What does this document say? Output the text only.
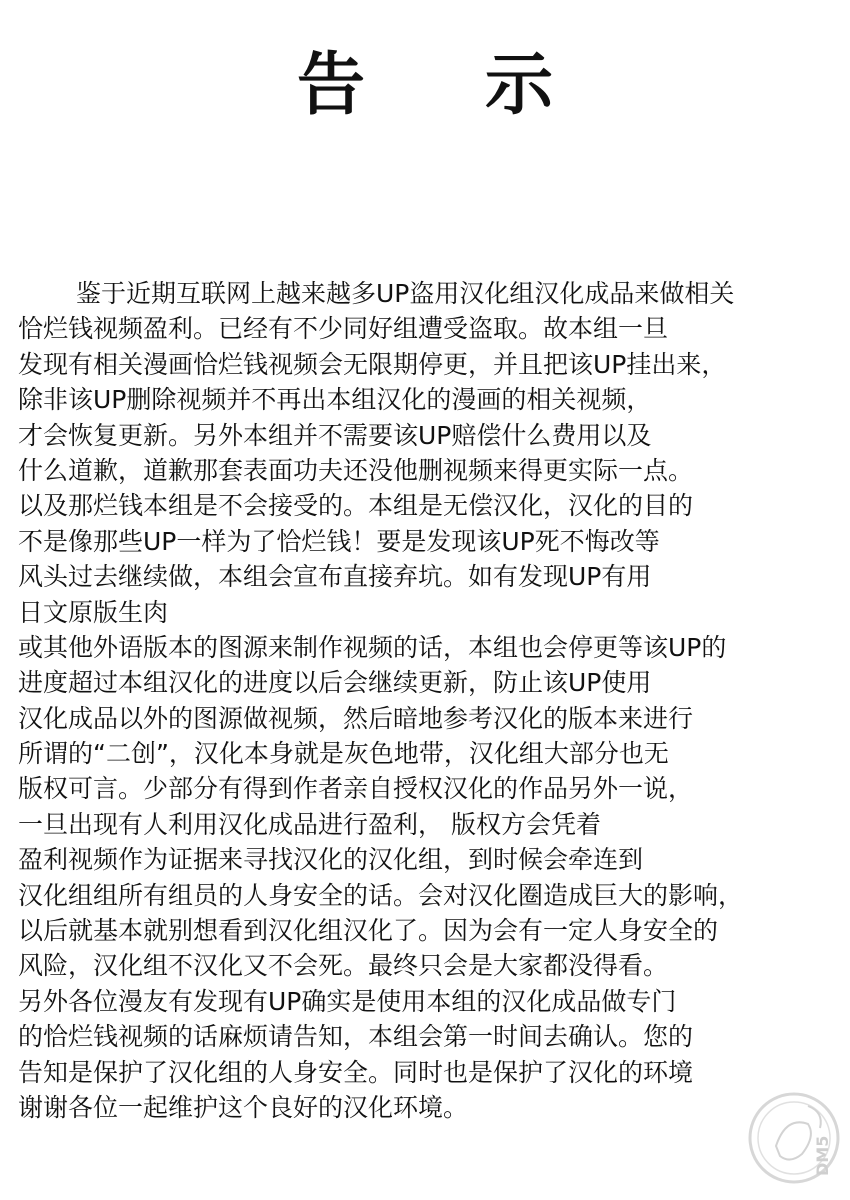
告 示
鉴于近期互联网上越来越多UP盗用汉化组汉化成品来做相关
恰烂钱视频盈利。已经有不少同好组遭受盗取。故本组一旦
发现有相关漫画恰烂钱视频会无限期停更，并且把该UP挂出来，
除非该UP删除视频并不再出本组汉化的漫画的相关视频，
才会恢复更新。另外本组并不需要该UP赔偿什么费用以及
什么道歉，道歉那套表面功夫还没他删视频来得更实际一点。
以及那烂钱本组是不会接受的。本组是无偿汉化，汉化的目的
不是像那些UP一样为了恰烂钱！要是发现该UP死不悔改等
风头过去继续做，本组会宣布直接弃坑。如有发现UP有用
日文原版生肉
或其他外语版本的图源来制作视频的话，本组也会停更等该UP的
进度超过本组汉化的进度以后会继续更新，防止该UP使用
汉化成品以外的图源做视频，然后暗地参考汉化的版本来进行
所谓的“二创”，汉化本身就是灰色地带，汉化组大部分也无
版权可言。少部分有得到作者亲自授权汉化的作品另外一说，
一旦出现有人利用汉化成品进行盈利， 版权方会凭着
盈利视频作为证据来寻找汉化的汉化组，到时候会牵连到
汉化组组所有组员的人身安全的话。会对汉化圈造成巨大的影响，
以后就基本就别想看到汉化组汉化了。因为会有一定人身安全的
风险，汉化组不汉化又不会死。最终只会是大家都没得看。
另外各位漫友有发现有UP确实是使用本组的汉化成品做专门
的恰烂钱视频的话麻烦请告知，本组会第一时间去确认。您的
告知是保护了汉化组的人身安全。同时也是保护了汉化的环境
谢谢各位一起维护这个良好的汉化环境。
DM5
